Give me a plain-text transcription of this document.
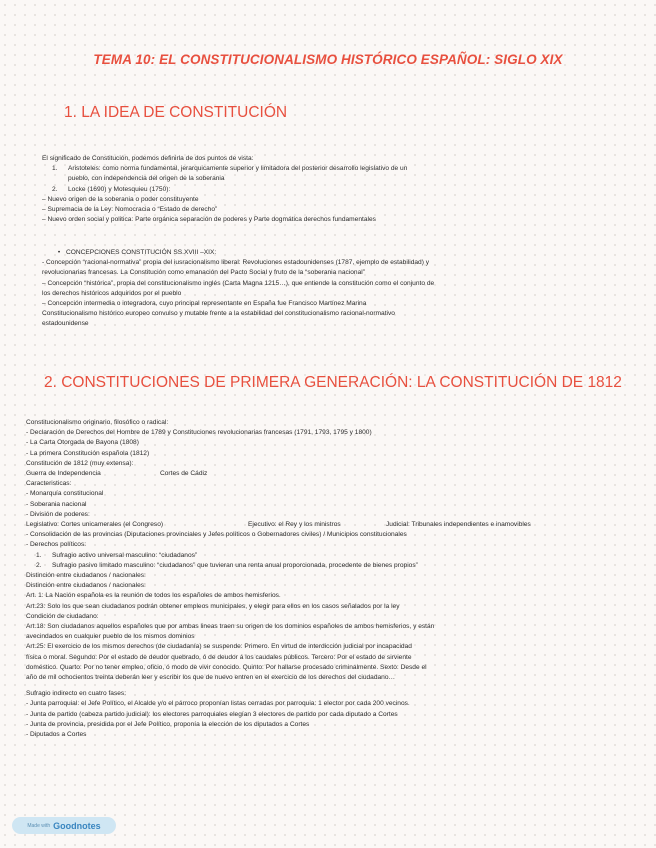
TEMA 10: EL CONSTITUCIONALISMO HISTÓRICO ESPAÑOL: SIGLO XIX
1. LA IDEA DE CONSTITUCIÓN
El significado de Constitución, podemos definirla de dos puntos de vista:
1. Aristoteles: como norma fundamental, jerarquicamente superior y limitadora del posterior desarrollo legislativo de un
pueblo, con independencia del origen de la soberania
2. Locke (1690) y Motesquieu (1750):
– Nuevo origen de la soberania o poder constituyente
– Supremacia de la Ley: Nomocracia o “Estado de derecho”
– Nuevo orden social y politica: Parte orgánica separación de poderes y Parte dogmática derechos fundamentales
• CONCEPCIONES CONSTITUCIÓN SS.XVIII –XIX:
- Concepción “racional-normativa” propia del iusracionalismo liberal: Revoluciones estadounidenses (1787, ejemplo de estabilidad) y
revolucionarias francesas. La Constitución como emanación del Pacto Social y fruto de la “soberania nacional”
– Concepción “histórica”, propia del constitucionalismo inglés (Carta Magna 1215…), que entiende la constitución como el conjunto de
los derechos históricos adquiridos por el pueblo
– Concepción intermedia o integradora, cuyo principal representante en España fue Francisco Martínez Marina
Constitucionalismo histórico europeo convulso y mutable frente a la estabilidad del constitucionalismo racional-normativo
estadounidense
2. CONSTITUCIONES DE PRIMERA GENERACIÓN: LA CONSTITUCIÓN DE 1812
Constitucionalismo originario, filosófico o radical:
- Declaración de Derechos del Hombre de 1789 y Constituciones revolucionarias francesas (1791, 1793, 1795 y 1800)
- La Carta Otorgada de Bayona (1808)
- La primera Constitución española (1812)
Constitución de 1812 (muy extensa):
Guerra de Independencia	Cortes de Cádiz
Caracteristicas:
- Monarquía constitucional
- Soberania nacional
- División de poderes:
Legislativo: Cortes unicamerales (el Congreso)	Ejecutivo: el Rey y los ministros	Judicial: Tribunales independientes e inamovibles
- Consolidación de las provincias (Diputaciones provinciales y Jefes políticos o Gobernadores civiles) / Municipios constitucionales
- Derechos políticos:
1. Sufragio activo universal masculino: “ciudadanos”
2. Sufragio pasivo limitado masculino: “ciudadanos” que tuvieran una renta anual proporcionada, procedente de bienes propios”
Distinción entre ciudadanos / nacionales:
Distinción entre ciudadanos / nacionales:
Art. 1: La Nación española es la reunión de todos los españoles de ambos hemisferios.
Art.23: Solo los que sean ciudadanos podrán obtener empleos municipales, y elegir para ellos en los casos señalados por la ley
Condición de ciudadano:
Art.18: Son ciudadanos aquellos españoles que por ambas lineas traen su origen de los dominios españoles de ambos hemisferios, y están
avecindados en cualquier pueblo de los mismos dominios
Art.25: El exercicio de los mismos derechos (de ciudadanía) se suspende: Primero. En virtud de interdicción judicial por incapacidad
física o moral. Segundo: Por el estado de deudor quebrado, ó de deudor á los caudales públicos. Tercero: Por el estado de sirviente
doméstico. Quarto: Por no tener empleo, oficio, ó modo de vivir conocido. Quinto: Por hallarse procesado criminalmente. Sexto: Desde el
año de mil ochocientos treinta deberán leer y escribir los que de nuevo entren en el exercicio de los derechos del ciudadano…
Sufragio indirecto en cuatro fases:
- Junta parroquial: el Jefe Político, el Alcalde y/o el párroco proponían listas cerradas por parroquia: 1 elector por cada 200 vecinos.
- Junta de partido (cabeza partido judicial): los electores parroquiales elegían 3 electores de partido por cada diputado a Cortes
- Junta de provincia, presidida por el Jefe Político, proponía la elección de los diputados a Cortes
- Diputados a Cortes
Made with Goodnotes
